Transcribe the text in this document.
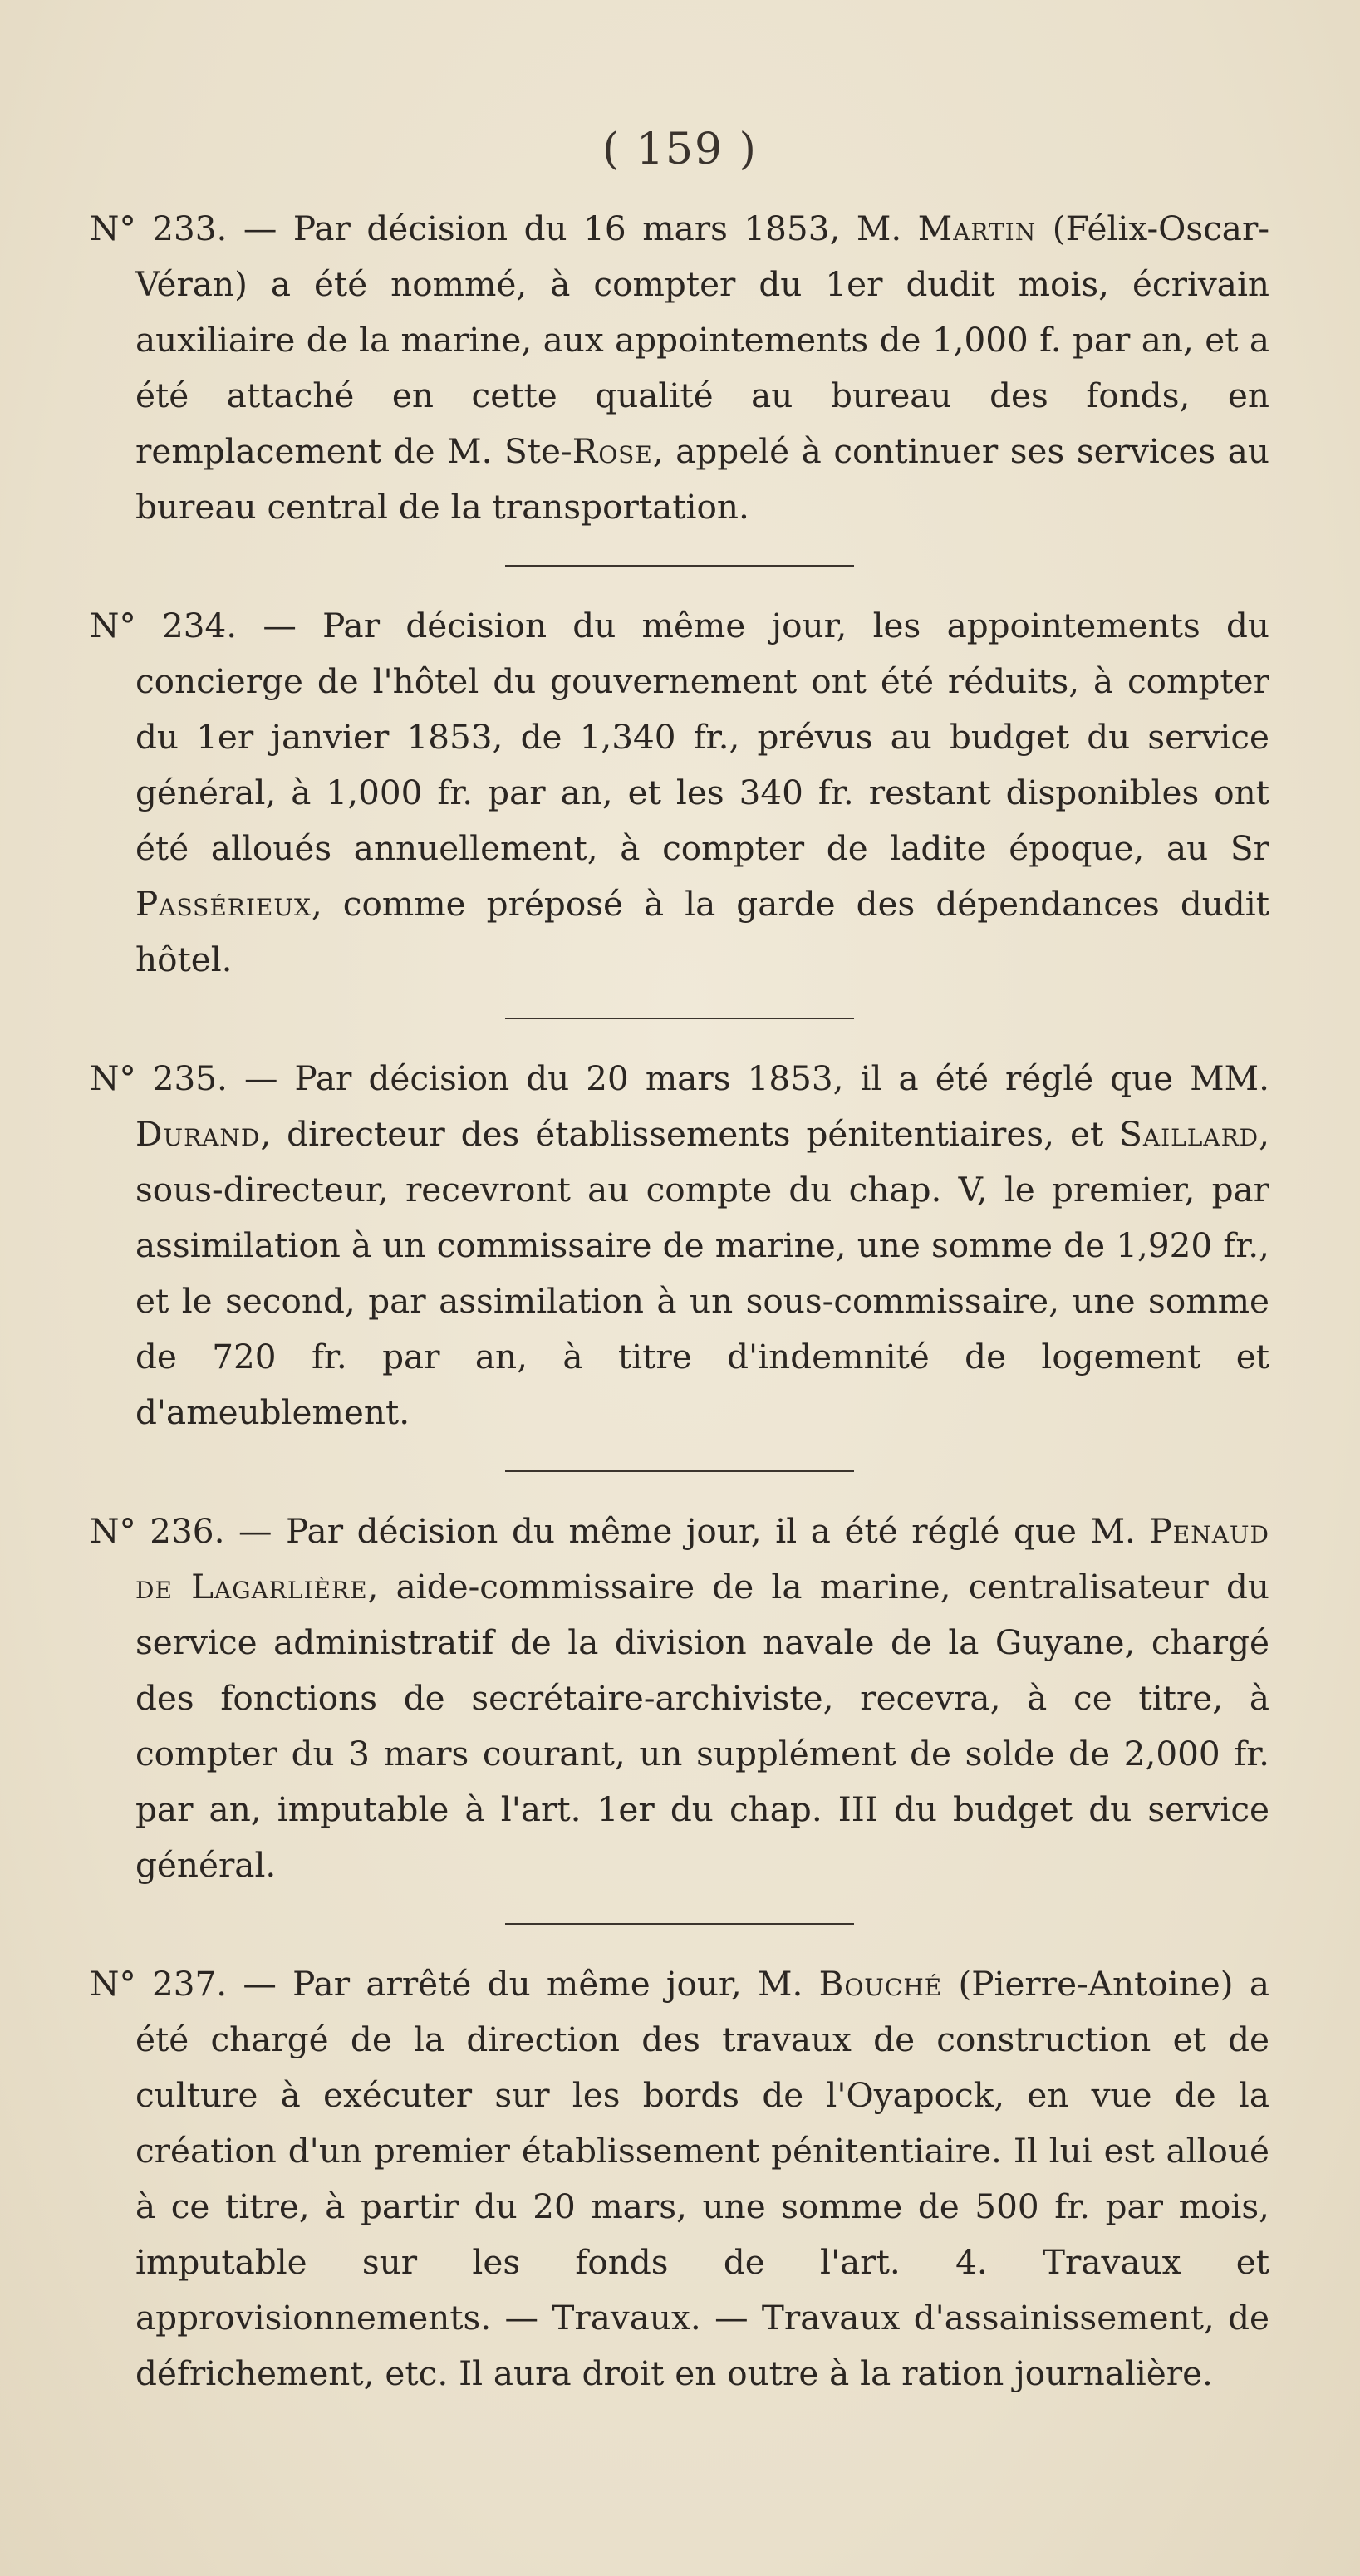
( 159 )
N° 233. — Par décision du 16 mars 1853, M. Martin (Félix-Oscar-Véran) a été nommé, à compter du 1er dudit mois, écrivain auxiliaire de la marine, aux appointements de 1,000 f. par an, et a été attaché en cette qualité au bureau des fonds, en remplacement de M. Ste-Rose, appelé à continuer ses services au bureau central de la transportation.
N° 234. — Par décision du même jour, les appointements du concierge de l'hôtel du gouvernement ont été réduits, à compter du 1er janvier 1853, de 1,340 fr., prévus au budget du service général, à 1,000 fr. par an, et les 340 fr. restant disponibles ont été alloués annuellement, à compter de ladite époque, au Sr Passérieux, comme préposé à la garde des dépendances dudit hôtel.
N° 235. — Par décision du 20 mars 1853, il a été réglé que MM. Durand, directeur des établissements pénitentiaires, et Saillard, sous-directeur, recevront au compte du chap. V, le premier, par assimilation à un commissaire de marine, une somme de 1,920 fr., et le second, par assimilation à un sous-commissaire, une somme de 720 fr. par an, à titre d'indemnité de logement et d'ameublement.
N° 236. — Par décision du même jour, il a été réglé que M. Penaud de Lagarlière, aide-commissaire de la marine, centralisateur du service administratif de la division navale de la Guyane, chargé des fonctions de secrétaire-archiviste, recevra, à ce titre, à compter du 3 mars courant, un supplément de solde de 2,000 fr. par an, imputable à l'art. 1er du chap. III du budget du service général.
N° 237. — Par arrêté du même jour, M. Bouché (Pierre-Antoine) a été chargé de la direction des travaux de construction et de culture à exécuter sur les bords de l'Oyapock, en vue de la création d'un premier établissement pénitentiaire. Il lui est alloué à ce titre, à partir du 20 mars, une somme de 500 fr. par mois, imputable sur les fonds de l'art. 4. Travaux et approvisionnements. — Travaux. — Travaux d'assainissement, de défrichement, etc. Il aura droit en outre à la ration journalière.
